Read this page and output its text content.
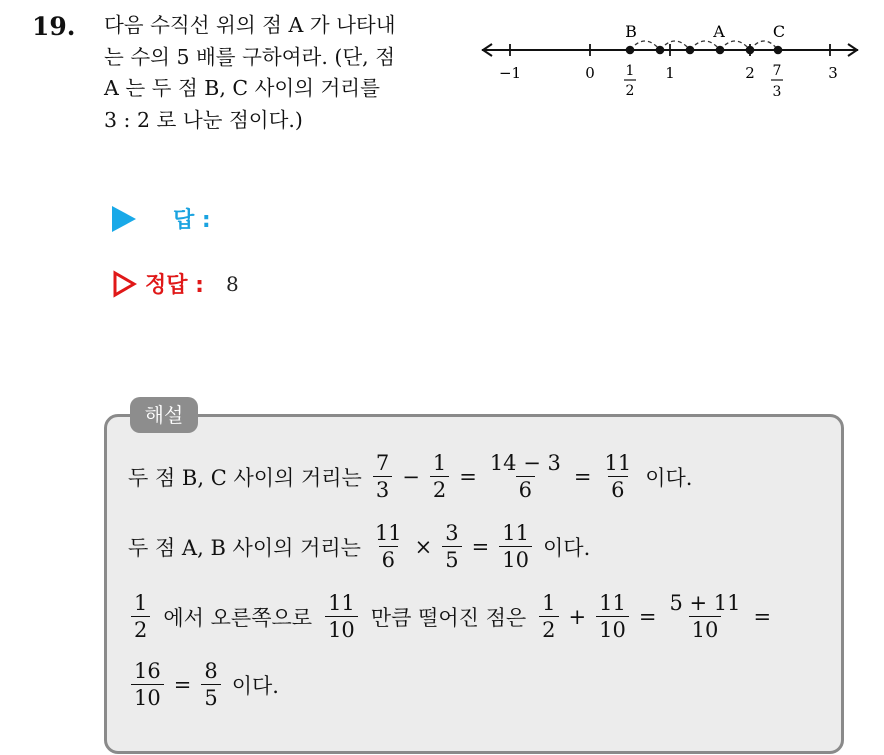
19. 다음 수직선 위의 점 A 가 나타내
는 수의 5 배를 구하여라. (단, 점
A 는 두 점 B, C 사이의 거리를
3 : 2 로 나눈 점이다.)
−1	0	1	2	3
1
2
7
3
B	A	C
답 :
정답 : 8
해설
두 점 B, C 사이의 거리는 $\frac{7}{3} - \frac{1}{2} = \frac{14 - 3}{6} = \frac{11}{6}$ 이다.
두 점 A, B 사이의 거리는 $\frac{11}{6} \times \frac{3}{5} = \frac{11}{10}$ 이다.
$\frac{1}{2}$ 에서 오른쪽으로 $\frac{11}{10}$ 만큼 떨어진 점은 $\frac{1}{2} + \frac{11}{10} = \frac{5 + 11}{10}$ =
$\frac{16}{10} = \frac{8}{5}$ 이다.
